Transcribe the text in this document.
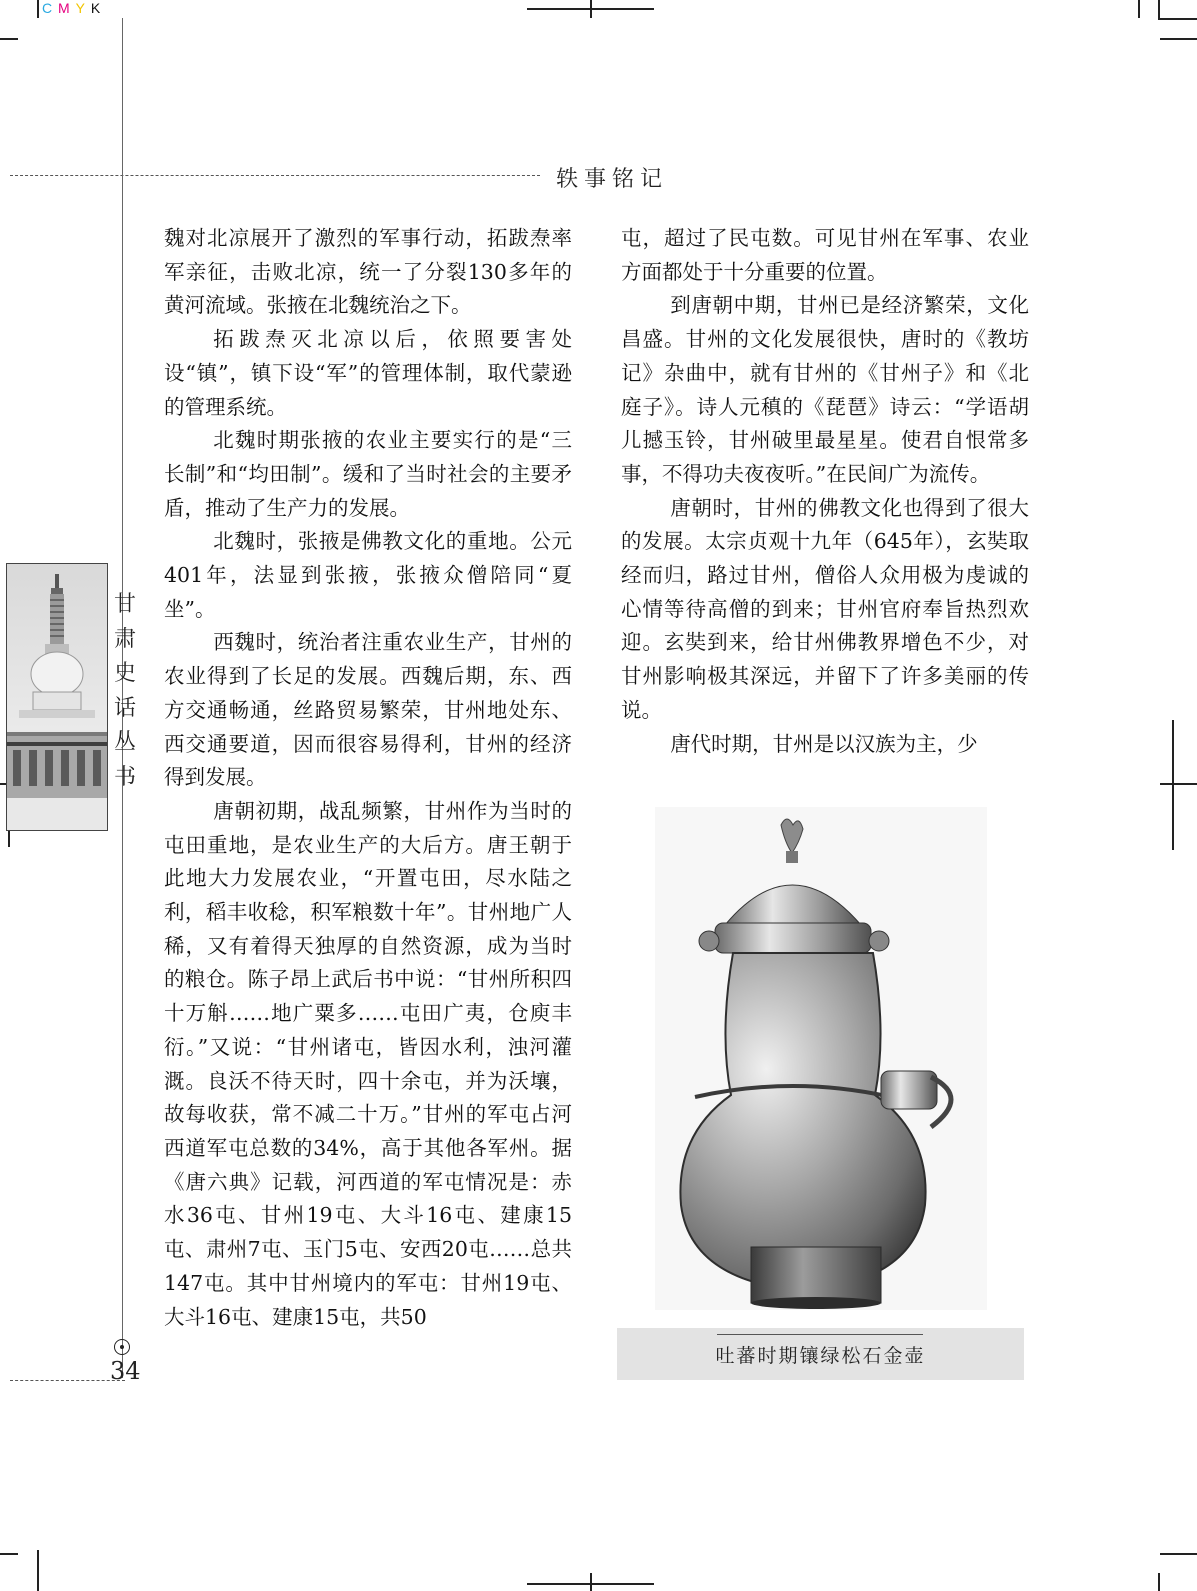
C M Y K
轶事铭记
甘
肃
史
话
丛
书
34

魏对北凉展开了激烈的军事行动，拓跋焘率军亲征，击败北凉，统一了分裂130多年的黄河流域。张掖在北魏统治之下。

拓跋焘灭北凉以后，依照要害处设“镇”，镇下设“军”的管理体制，取代蒙逊的管理系统。

北魏时期张掖的农业主要实行的是“三长制”和“均田制”。缓和了当时社会的主要矛盾，推动了生产力的发展。

北魏时，张掖是佛教文化的重地。公元401年，法显到张掖，张掖众僧陪同“夏坐”。

西魏时，统治者注重农业生产，甘州的农业得到了长足的发展。西魏后期，东、西方交通畅通，丝路贸易繁荣，甘州地处东、西交通要道，因而很容易得利，甘州的经济得到发展。

唐朝初期，战乱频繁，甘州作为当时的屯田重地，是农业生产的大后方。唐王朝于此地大力发展农业，“开置屯田，尽水陆之利，稻丰收稔，积军粮数十年”。甘州地广人稀，又有着得天独厚的自然资源，成为当时的粮仓。陈子昂上武后书中说：“甘州所积四十万斛……地广粟多……屯田广夷，仓庾丰衍。”又说：“甘州诸屯，皆因水利，浊河灌溉。良沃不待天时，四十余屯，并为沃壤，故每收获，常不减二十万。”甘州的军屯占河西道军屯总数的34%，高于其他各军州。据《唐六典》记载，河西道的军屯情况是：赤水36屯、甘州19屯、大斗16屯、建康15屯、肃州7屯、玉门5屯、安西20屯……总共147屯。其中甘州境内的军屯：甘州19屯、大斗16屯、建康15屯，共50

屯，超过了民屯数。可见甘州在军事、农业方面都处于十分重要的位置。

到唐朝中期，甘州已是经济繁荣，文化昌盛。甘州的文化发展很快，唐时的《教坊记》杂曲中，就有甘州的《甘州子》和《北庭子》。诗人元稹的《琵琶》诗云：“学语胡儿撼玉铃，甘州破里最星星。使君自恨常多事，不得功夫夜夜听。”在民间广为流传。

唐朝时，甘州的佛教文化也得到了很大的发展。太宗贞观十九年（645年），玄奘取经而归，路过甘州，僧俗人众用极为虔诚的心情等待高僧的到来；甘州官府奉旨热烈欢迎。玄奘到来，给甘州佛教界增色不少，对甘州影响极其深远，并留下了许多美丽的传说。

唐代时期，甘州是以汉族为主，少

吐蕃时期镶绿松石金壶
